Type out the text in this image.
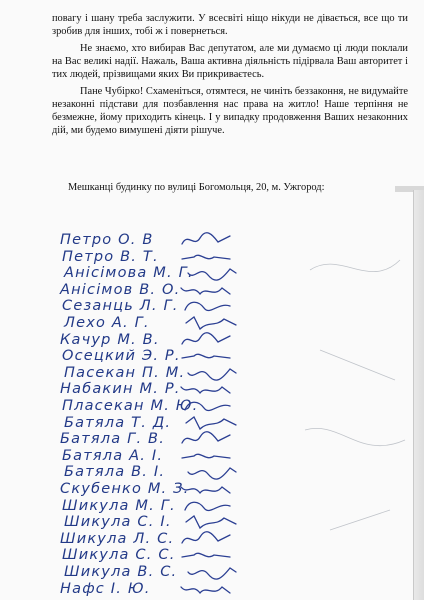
повагу і шану треба заслужити. У всесвіті ніщо нікуди не дівається, все що ти зробив для інших, тобі ж і повернеться.

Не знаємо, хто вибирав Вас депутатом, але ми думаємо ці люди поклали на Вас великі надії. Нажаль, Ваша активна діяльність підірвала Ваш авторитет і тих людей, прізвищами яких Ви прикриваєтесь.

Пане Чубірко! Схаменіться, отямтеся, не чиніть беззаконня, не видумайте незаконні підстави для позбавлення нас права на житло! Наше терпіння не безмежне, йому приходить кінець. І у випадку продовження Ваших незаконних дій, ми будемо вимушені діяти рішуче.

Мешканці будинку по вулиці Богомольця, 20, м. Ужгород:
Петро О. В
Петро В. Т.
Анісімова М. Г.
Анісімов В. О.
Сезанць Л. Г.
Лехо А. Г.
Качур М. В.
Осецкий Э. Р.
Пасекан П. М.
Набакин М. Р.
Пласекан М. Ю.
Батяла Т. Д.
Батяла Г. В.
Батяла А. І.
Батяла В. І.
Скубенко М. З.
Шикула М. Г.
Шикула С. І.
Шикула Л. С.
Шикула С. С.
Шикула В. С.
Нафс І. Ю.
